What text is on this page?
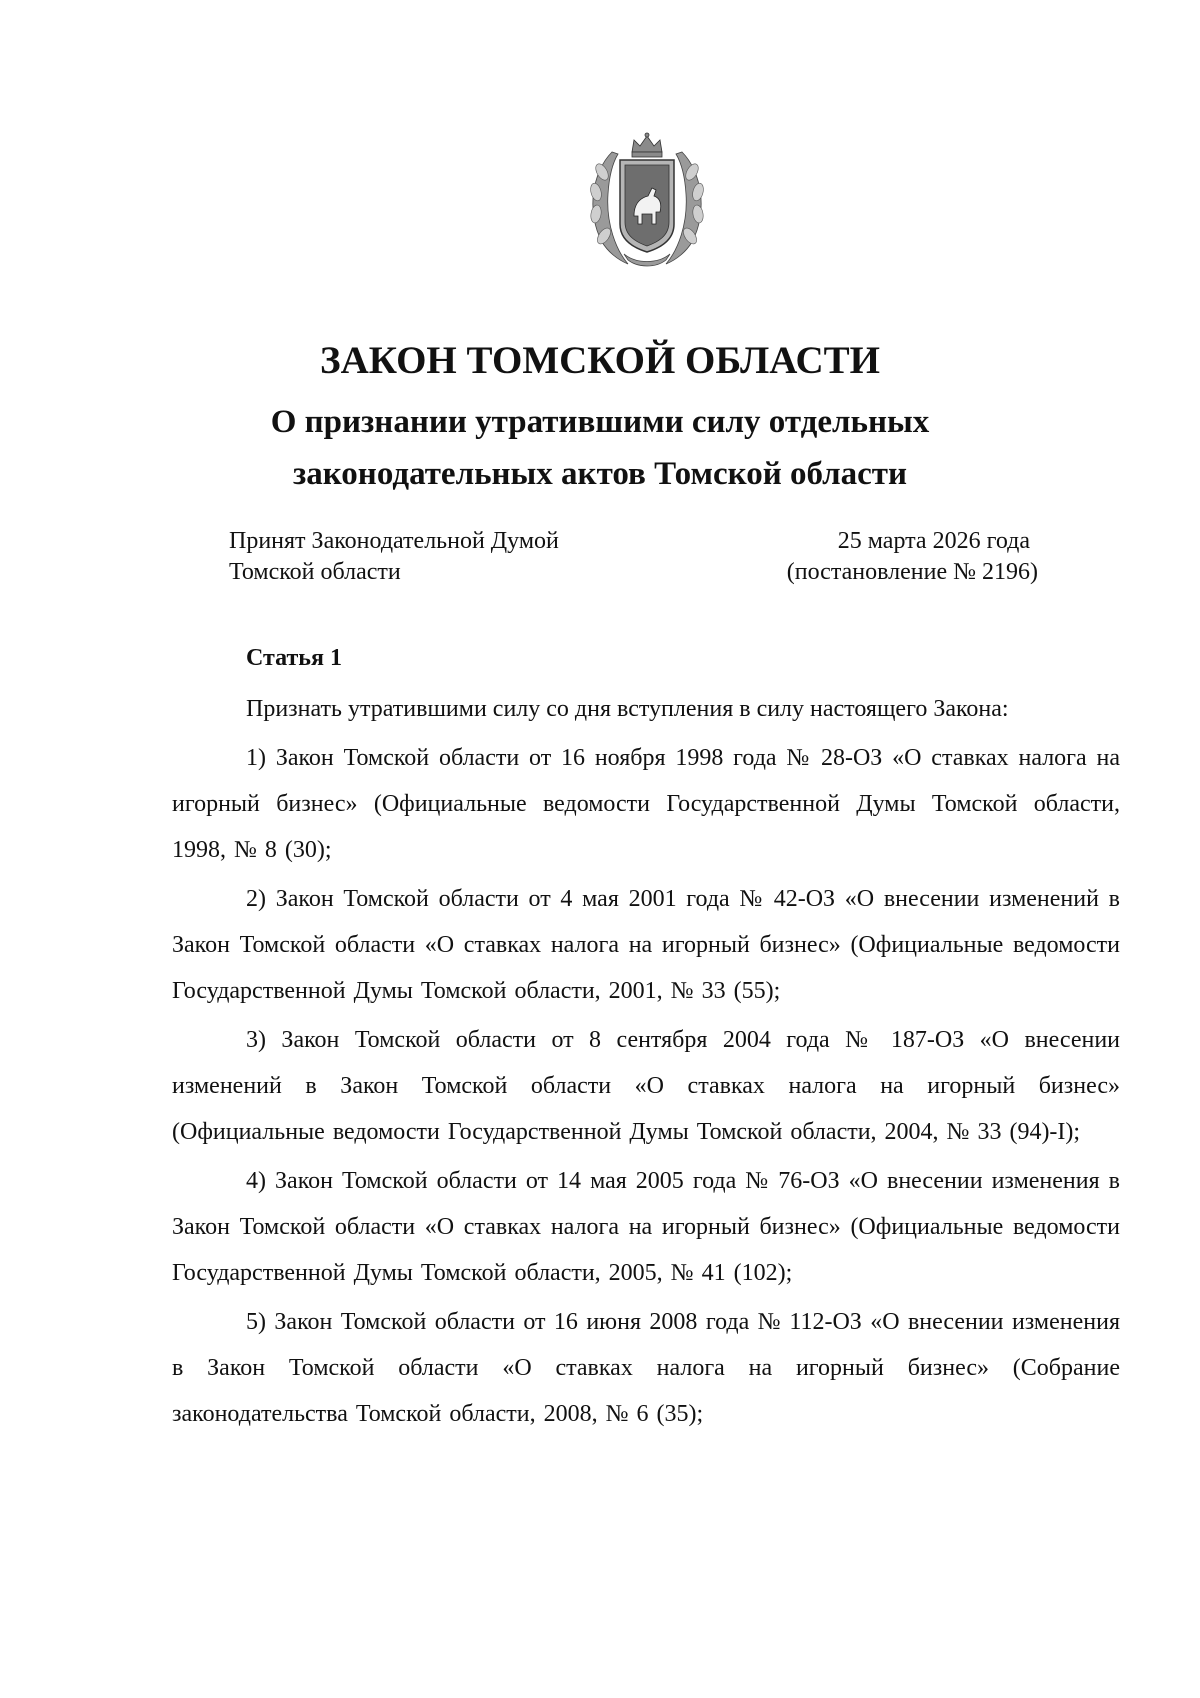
ЗАКОН ТОМСКОЙ ОБЛАСТИ
О признании утратившими силу отдельных
законодательных актов Томской области
Принят Законодательной Думой
Томской области
25 марта 2026 года
(постановление № 2196)
Статья 1

Признать утратившими силу со дня вступления в силу настоящего Закона:

1) Закон Томской области от 16 ноября 1998 года № 28-ОЗ «О ставках налога на игорный бизнес» (Официальные ведомости Государственной Думы Томской области, 1998, № 8 (30);

2) Закон Томской области от 4 мая 2001 года № 42-ОЗ «О внесении изменений в Закон Томской области «О ставках налога на игорный бизнес» (Официальные ведомости Государственной Думы Томской области, 2001, № 33 (55);

3) Закон Томской области от 8 сентября 2004 года № 187-ОЗ «О внесении изменений в Закон Томской области «О ставках налога на игорный бизнес» (Официальные ведомости Государственной Думы Томской области, 2004, № 33 (94)-I);

4) Закон Томской области от 14 мая 2005 года № 76-ОЗ «О внесении изменения в Закон Томской области «О ставках налога на игорный бизнес» (Официальные ведомости Государственной Думы Томской области, 2005, № 41 (102);

5) Закон Томской области от 16 июня 2008 года № 112-ОЗ «О внесении изменения в Закон Томской области «О ставках налога на игорный бизнес» (Собрание законодательства Томской области, 2008, № 6 (35);
